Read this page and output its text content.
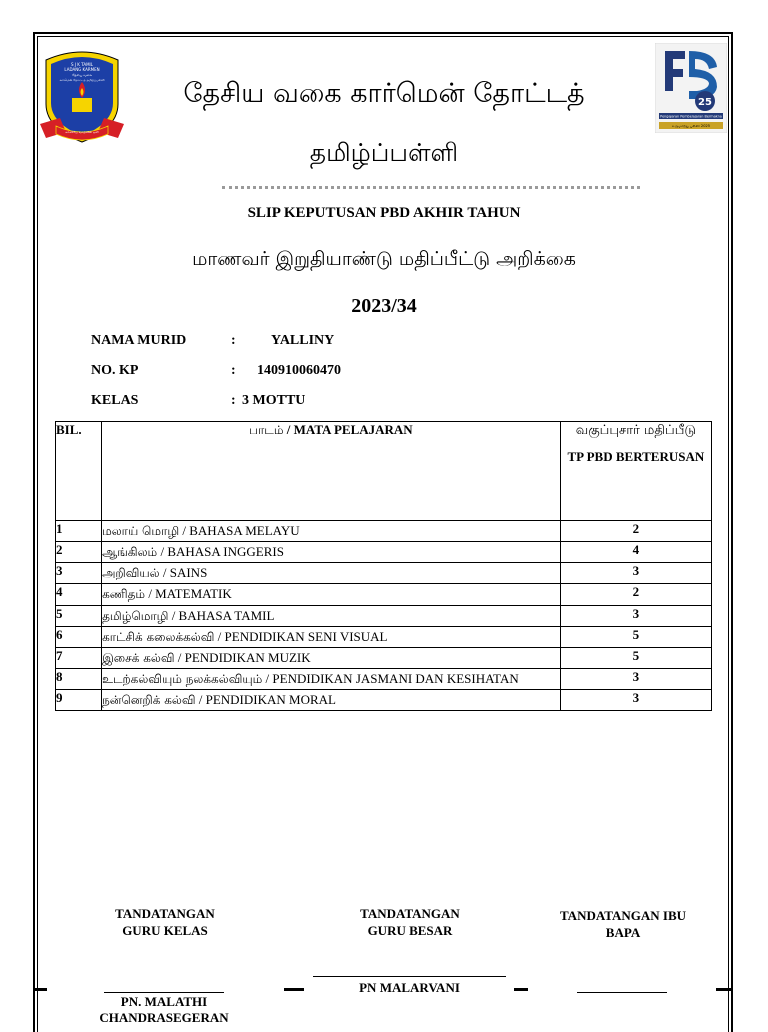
S J K TAMIL
LADANG KARMEN
தேசிய வகை
கார்மென் தோட்டத் தமிழ்ப்பள்ளி
கல்வியே வாழ்வின் ஒளி
25
Pengajaran Pembelajaran Bermakna
உருமாற்று பள்ளி 2025
தேசிய வகை கார்மென் தோட்டத்
தமிழ்ப்பள்ளி
SLIP KEPUTUSAN PBD AKHIR TAHUN
மாணவர் இறுதியாண்டு மதிப்பீட்டு அறிக்கை
2023/34
NAMA MURID	:	YALLINY
NO. KP	: 140910060470
KELAS	: 3 MOTTU
BIL.	பாடம் / MATA PELAJARAN	வகுப்புசார் மதிப்பீடு
TP PBD BERTERUSAN
1	மலாய் மொழி / BAHASA MELAYU	2
2	ஆங்கிலம் / BAHASA INGGERIS	4
3	அறிவியல் / SAINS	3
4	கணிதம் / MATEMATIK	2
5	தமிழ்மொழி / BAHASA TAMIL	3
6	காட்சிக் கலைக்கல்வி / PENDIDIKAN SENI VISUAL	5
7	இசைக் கல்வி / PENDIDIKAN MUZIK	5
8	உடற்கல்வியும் நலக்கல்வியும் / PENDIDIKAN JASMANI DAN KESIHATAN	3
9	நன்னெறிக் கல்வி / PENDIDIKAN MORAL	3
TANDATANGAN GURU KELAS
TANDATANGAN GURU BESAR
TANDATANGAN IBU BAPA
PN MALARVANI
PN. MALATHI CHANDRASEGERAN
